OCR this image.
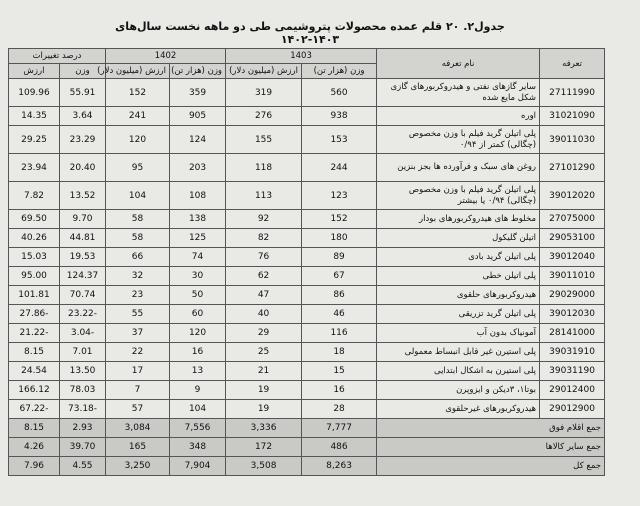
جدول۲. ۲۰ قلم عمده محصولات پتروشیمی طی دو ماهه نخست سال‌های ۱۴۰۳-۱۴۰۲
تعرفه	نام تعرفه	1403		1402		درصد تغییرات	
		وزن (هزار تن)	ارزش (میلیون دلار)	وزن (هزار تن)	ارزش (میلیون دلار)	وزن	ارزش
27111990	سایر گازهای نفتی و هیدروکربورهای گازی شکل مایع شده	560	319	359	152	55.91	109.96
31021090	اوره	938	276	905	241	3.64	14.35
39011030	پلی اتیلن گرید فیلم با وزن مخصوص (چگالی) کمتر از ۰/۹۴	153	155	124	120	23.29	29.25
27101290	روغن های سبک و فرآورده ها بجز بنزین	244	118	203	95	20.40	23.94
39012020	پلی اتیلن گرید فیلم با وزن مخصوص (چگالی) ۰/۹۴ یا بیشتر	123	113	108	104	13.52	7.82
27075000	مخلوط های هیدروکربورهای بودار	152	92	138	58	9.70	69.50
29053100	اتیلن گلیکول	180	82	125	58	44.81	40.26
39012040	پلی اتیلن گرید بادی	89	76	74	66	19.53	15.03
39011010	پلی اتیلن خطی	67	62	30	32	124.37	95.00
29029000	هیدروکربورهای حلقوی	86	47	50	23	70.74	101.81
39012030	پلی اتیلن گرید تزریقی	46	40	60	55	-23.22	-27.86
28141000	آمونیاک بدون آب	116	29	120	37	-3.04	-21.22
39031910	پلی استیرن غیر قابل انبساط معمولی	18	25	16	22	7.01	8.15
39031190	پلی استیرن به اشکال ابتدایی	15	21	13	17	13.50	24.54
29012400	بوتا۱، ۳دیکن و ایزوپرن	16	19	9	7	78.03	166.12
29012900	هیدروکربورهای غیرحلقوی	28	19	104	57	-73.18	-67.22
جمع اقلام فوق		7,777	3,336	7,556	3,084	2.93	8.15
جمع سایر کالاها		486	172	348	165	39.70	4.26
جمع کل		8,263	3,508	7,904	3,250	4.55	7.96
